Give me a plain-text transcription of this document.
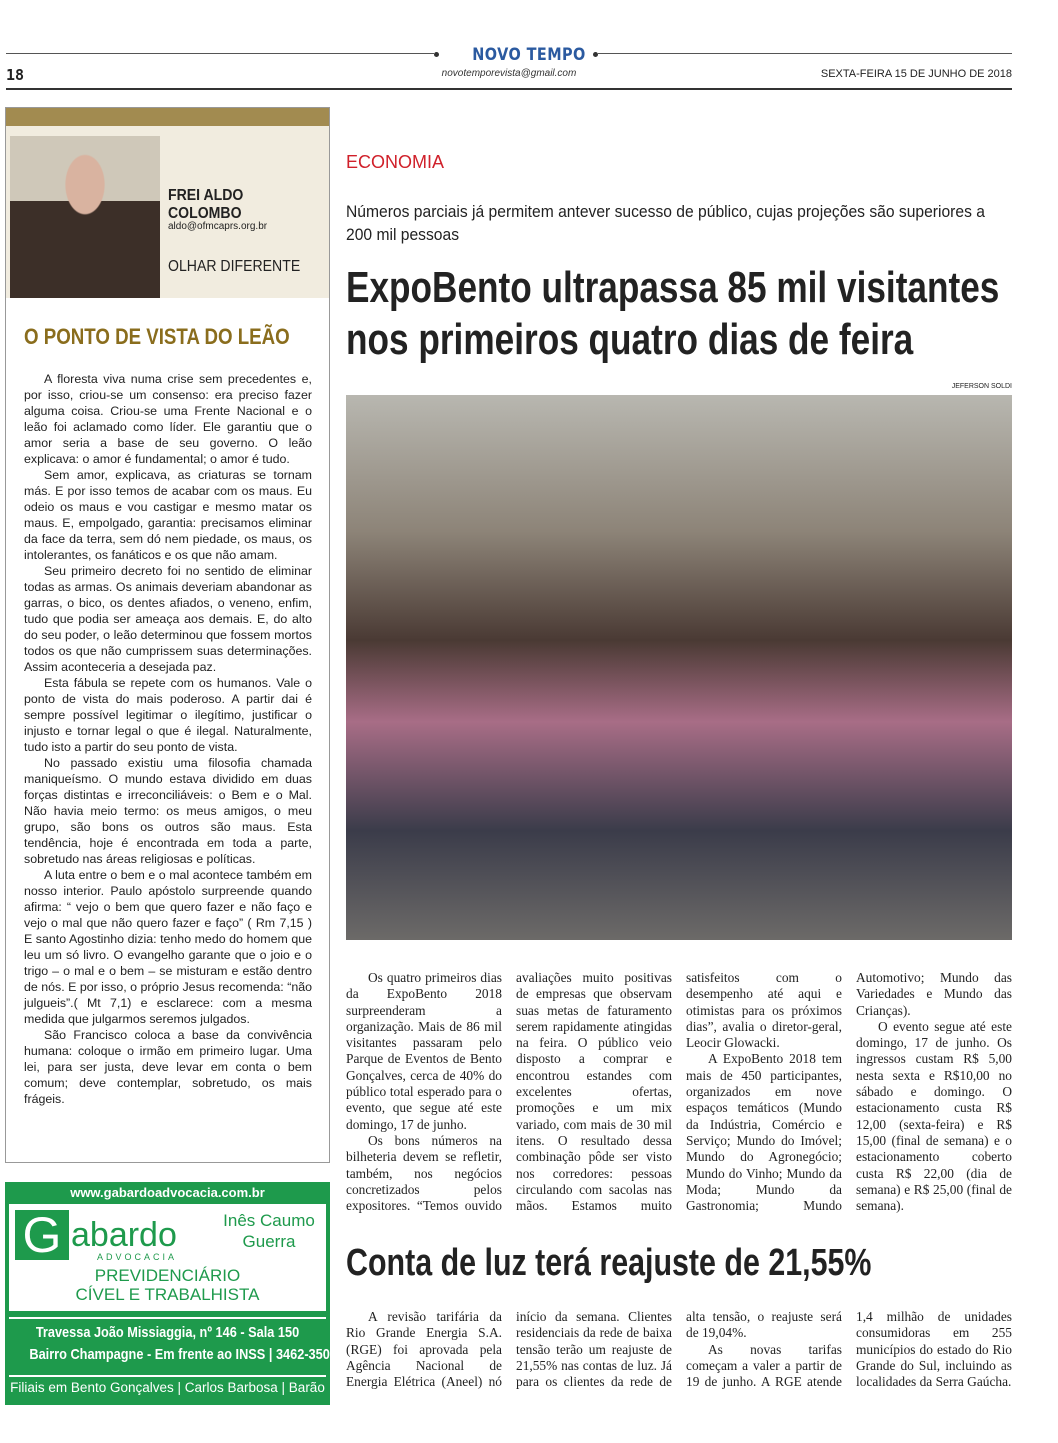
NOVO TEMPO
novotemporevista@gmail.com
18	SEXTA-FEIRA 15 DE JUNHO DE 2018
FREI ALDO COLOMBO
aldo@ofmcaprs.org.br
OLHAR DIFERENTE
O PONTO DE VISTA DO LEÃO

A floresta viva numa crise sem precedentes e, por isso, criou-se um consenso: era preciso fazer alguma coisa. Criou-se uma Frente Nacional e o leão foi aclamado como líder. Ele garantiu que o amor seria a base de seu governo. O leão explicava: o amor é fundamental; o amor é tudo.

Sem amor, explicava, as criaturas se tornam más. E por isso temos de acabar com os maus. Eu odeio os maus e vou castigar e mesmo matar os maus. E, empolgado, garantia: precisamos eliminar da face da terra, sem dó nem piedade, os maus, os intolerantes, os fanáticos e os que não amam.

Seu primeiro decreto foi no sentido de eliminar todas as armas. Os animais deveriam abandonar as garras, o bico, os dentes afiados, o veneno, enfim, tudo que podia ser ameaça aos demais. E, do alto do seu poder, o leão determinou que fossem mortos todos os que não cumprissem suas determinações. Assim aconteceria a desejada paz.

Esta fábula se repete com os humanos. Vale o ponto de vista do mais poderoso. A partir dai é sempre possível legitimar o ilegítimo, justificar o injusto e tornar legal o que é ilegal. Naturalmente, tudo isto a partir do seu ponto de vista.

No passado existiu uma filosofia chamada maniqueísmo. O mundo estava dividido em duas forças distintas e irreconciliáveis: o Bem e o Mal. Não havia meio termo: os meus amigos, o meu grupo, são bons os outros são maus. Esta tendência, hoje é encontrada em toda a parte, sobretudo nas áreas religiosas e políticas.

A luta entre o bem e o mal acontece também em nosso interior. Paulo apóstolo surpreende quando afirma: “ vejo o bem que quero fazer e não faço e vejo o mal que não quero fazer e faço” ( Rm 7,15 ) E santo Agostinho dizia: tenho medo do homem que leu um só livro. O evangelho garante que o joio e o trigo – o mal e o bem – se misturam e estão dentro de nós. E por isso, o próprio Jesus recomenda: “não julgueis”.( Mt 7,1) e esclarece: com a mesma medida que julgarmos seremos julgados.

São Francisco coloca a base da convivência humana: coloque o irmão em primeiro lugar. Uma lei, para ser justa, deve levar em conta o bem comum; deve contemplar, sobretudo, os mais frágeis.

www.gabardoadvocacia.com.br
G abardo
ADVOCACIA
Inês Caumo Guerra
PREVIDENCIÁRIO
CÍVEL E TRABALHISTA
Travessa João Missiaggia, nº 146 - Sala 150
Bairro Champagne - Em frente ao INSS | 3462-3508
Filiais em Bento Gonçalves | Carlos Barbosa | Barão
ECONOMIA
Números parciais já permitem antever sucesso de público, cujas projeções são superiores a 200 mil pessoas
ExpoBento ultrapassa 85 mil visitantes
nos primeiros quatro dias de feira
JEFERSON SOLDI

Os quatro primeiros dias da ExpoBento 2018 surpreenderam a organização. Mais de 86 mil visitantes passaram pelo Parque de Eventos de Bento Gonçalves, cerca de 40% do público total esperado para o evento, que segue até este domingo, 17 de junho.

Os bons números na bilheteria devem se refletir, também, nos negócios concretizados pelos expositores. “Temos ouvido avaliações muito positivas de empresas que observam suas metas de faturamento serem rapidamente atingidas na feira. O público veio disposto a comprar e encontrou estandes com excelentes ofertas, promoções e um mix variado, com mais de 30 mil itens. O resultado dessa combinação pôde ser visto nos corredores: pessoas circulando com sacolas nas mãos. Estamos muito satisfeitos com o desempenho até aqui e otimistas para os próximos dias”, avalia o diretor-geral, Leocir Glowacki.

A ExpoBento 2018 tem mais de 450 participantes, organizados em nove espaços temáticos (Mundo da Indústria, Comércio e Serviço; Mundo do Imóvel; Mundo do Agronegócio; Mundo do Vinho; Mundo da Moda; Mundo da Gastronomia; Mundo Automotivo; Mundo das Variedades e Mundo das Crianças).

O evento segue até este domingo, 17 de junho. Os ingressos custam R$ 5,00 nesta sexta e R$10,00 no sábado e domingo. O estacionamento custa R$ 12,00 (sexta-feira) e R$ 15,00 (final de semana) e o estacionamento coberto custa R$ 22,00 (dia de semana) e R$ 25,00 (final de semana).

Conta de luz terá reajuste de 21,55%

A revisão tarifária da Rio Grande Energia S.A. (RGE) foi aprovada pela Agência Nacional de Energia Elétrica (Aneel) nó início da semana. Clientes residenciais da rede de baixa tensão terão um reajuste de 21,55% nas contas de luz. Já para os clientes da rede de alta tensão, o reajuste será de 19,04%.

As novas tarifas começam a valer a partir de 19 de junho. A RGE atende 1,4 milhão de unidades consumidoras em 255 municípios do estado do Rio Grande do Sul, incluindo as localidades da Serra Gaúcha.
